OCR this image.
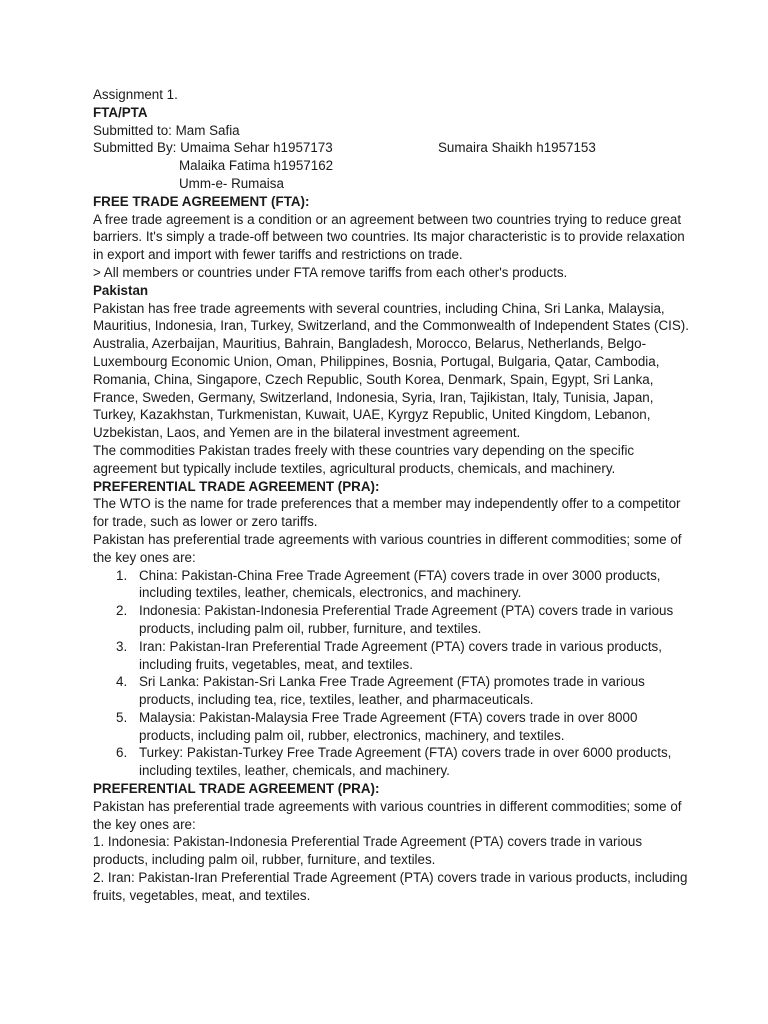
Assignment 1.

FTA/PTA

Submitted to: Mam Safia

Submitted By: Umaima Sehar h1957173	Sumaira Shaikh h1957153

Malaika Fatima h1957162

Umm-e- Rumaisa

FREE TRADE AGREEMENT (FTA):

A free trade agreement is a condition or an agreement between two countries trying to reduce great barriers. It's simply a trade-off between two countries. Its major characteristic is to provide relaxation in export and import with fewer tariffs and restrictions on trade.

> All members or countries under FTA remove tariffs from each other's products.

Pakistan

Pakistan has free trade agreements with several countries, including China, Sri Lanka, Malaysia, Mauritius, Indonesia, Iran, Turkey, Switzerland, and the Commonwealth of Independent States (CIS).

Australia, Azerbaijan, Mauritius, Bahrain, Bangladesh, Morocco, Belarus, Netherlands, Belgo-Luxembourg Economic Union, Oman, Philippines, Bosnia, Portugal, Bulgaria, Qatar, Cambodia, Romania, China, Singapore, Czech Republic, South Korea, Denmark, Spain, Egypt, Sri Lanka, France, Sweden, Germany, Switzerland, Indonesia, Syria, Iran, Tajikistan, Italy, Tunisia, Japan, Turkey, Kazakhstan, Turkmenistan, Kuwait, UAE, Kyrgyz Republic, United Kingdom, Lebanon, Uzbekistan, Laos, and Yemen are in the bilateral investment agreement.

The commodities Pakistan trades freely with these countries vary depending on the specific agreement but typically include textiles, agricultural products, chemicals, and machinery.

PREFERENTIAL TRADE AGREEMENT (PRA):

The WTO is the name for trade preferences that a member may independently offer to a competitor for trade, such as lower or zero tariffs.

Pakistan has preferential trade agreements with various countries in different commodities; some of the key ones are:

1. China: Pakistan-China Free Trade Agreement (FTA) covers trade in over 3000 products, including textiles, leather, chemicals, electronics, and machinery.
2. Indonesia: Pakistan-Indonesia Preferential Trade Agreement (PTA) covers trade in various products, including palm oil, rubber, furniture, and textiles.
3. Iran: Pakistan-Iran Preferential Trade Agreement (PTA) covers trade in various products, including fruits, vegetables, meat, and textiles.
4. Sri Lanka: Pakistan-Sri Lanka Free Trade Agreement (FTA) promotes trade in various products, including tea, rice, textiles, leather, and pharmaceuticals.
5. Malaysia: Pakistan-Malaysia Free Trade Agreement (FTA) covers trade in over 8000 products, including palm oil, rubber, electronics, machinery, and textiles.
6. Turkey: Pakistan-Turkey Free Trade Agreement (FTA) covers trade in over 6000 products, including textiles, leather, chemicals, and machinery.

PREFERENTIAL TRADE AGREEMENT (PRA):

Pakistan has preferential trade agreements with various countries in different commodities; some of the key ones are:

1. Indonesia: Pakistan-Indonesia Preferential Trade Agreement (PTA) covers trade in various products, including palm oil, rubber, furniture, and textiles.

2. Iran: Pakistan-Iran Preferential Trade Agreement (PTA) covers trade in various products, including fruits, vegetables, meat, and textiles.
